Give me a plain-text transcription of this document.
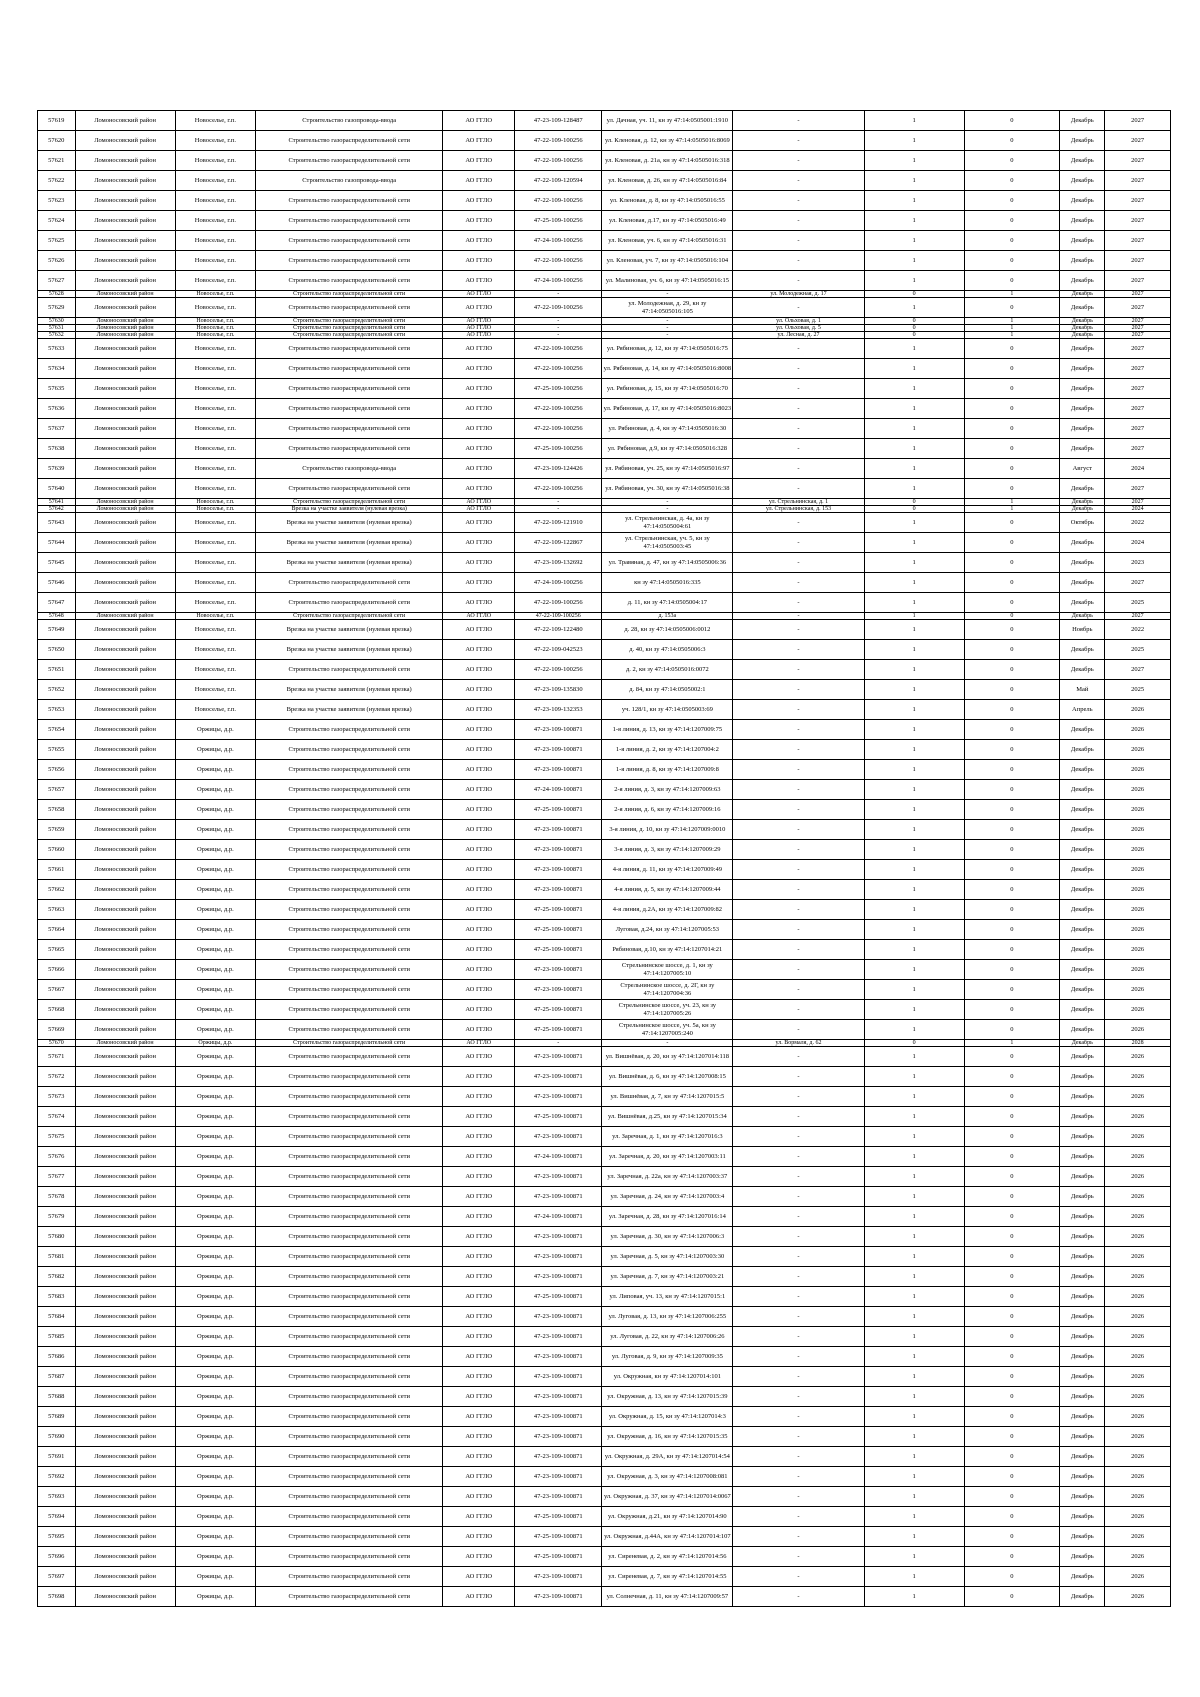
57619	Ломоносовский район	Новоселье, г.п.	Строительство газопровода-ввода	АО ГГЛО	47-23-109-128487	ул. Дачная, уч. 11, кн зу 47:14:0505001:1910	-	1	0	Декабрь	2027
57620	Ломоносовский район	Новоселье, г.п.	Строительство газораспределительной сети	АО ГГЛО	47-22-109-100256	ул. Кленовая, д. 12, кн зу 47:14:0505016:8069	-	1	0	Декабрь	2027
57621	Ломоносовский район	Новоселье, г.п.	Строительство газораспределительной сети	АО ГГЛО	47-22-109-100256	ул. Кленовая, д. 21а, кн зу 47:14:0505016:318	-	1	0	Декабрь	2027
57622	Ломоносовский район	Новоселье, г.п.	Строительство газопровода-ввода	АО ГГЛО	47-22-109-120594	ул. Кленовая, д. 26, кн зу 47:14:0505016:84	-	1	0	Декабрь	2027
57623	Ломоносовский район	Новоселье, г.п.	Строительство газораспределительной сети	АО ГГЛО	47-22-109-100256	ул. Кленовая, д. 8, кн зу 47:14:0505016:55	-	1	0	Декабрь	2027
57624	Ломоносовский район	Новоселье, г.п.	Строительство газораспределительной сети	АО ГГЛО	47-25-109-100256	ул. Кленовая, д.17, кн зу 47:14:0505016:49	-	1	0	Декабрь	2027
57625	Ломоносовский район	Новоселье, г.п.	Строительство газораспределительной сети	АО ГГЛО	47-24-109-100256	ул. Кленовая, уч. 6, кн зу 47:14:0505016:31	-	1	0	Декабрь	2027
57626	Ломоносовский район	Новоселье, г.п.	Строительство газораспределительной сети	АО ГГЛО	47-22-109-100256	ул. Кленовая, уч. 7, кн зу 47:14:0505016:104	-	1	0	Декабрь	2027
57627	Ломоносовский район	Новоселье, г.п.	Строительство газораспределительной сети	АО ГГЛО	47-24-109-100256	ул. Малиновая, уч. 6, кн зу 47:14:0505016:15	-	1	0	Декабрь	2027
57628	Ломоносовский район	Новоселье, г.п.	Строительство газораспределительной сети	АО ГГЛО	-	-	ул. Молодежная, д. 17	0	1	Декабрь	2027
57629	Ломоносовский район	Новоселье, г.п.	Строительство газораспределительной сети	АО ГГЛО	47-22-109-100256	ул. Молодежная, д. 29, кн зу 47:14:0505016:105	-	1	0	Декабрь	2027
57630	Ломоносовский район	Новоселье, г.п.	Строительство газораспределительной сети	АО ГГЛО	-	-	ул. Ольховая, д. 1	0	1	Декабрь	2027
57631	Ломоносовский район	Новоселье, г.п.	Строительство газораспределительной сети	АО ГГЛО	-	-	ул. Ольховая, д. 5	0	1	Декабрь	2027
57632	Ломоносовский район	Новоселье, г.п.	Строительство газораспределительной сети	АО ГГЛО	-	-	ул. Лесная, д. 27	0	1	Декабрь	2027
57633	Ломоносовский район	Новоселье, г.п.	Строительство газораспределительной сети	АО ГГЛО	47-22-109-100256	ул. Рябиновая, д. 12, кн зу 47:14:0505016:75	-	1	0	Декабрь	2027
57634	Ломоносовский район	Новоселье, г.п.	Строительство газораспределительной сети	АО ГГЛО	47-22-109-100256	ул. Рябиновая, д. 14, кн зу 47:14:0505016:8008	-	1	0	Декабрь	2027
57635	Ломоносовский район	Новоселье, г.п.	Строительство газораспределительной сети	АО ГГЛО	47-25-109-100256	ул. Рябиновая, д. 15, кн зу 47:14:0505016:70	-	1	0	Декабрь	2027
57636	Ломоносовский район	Новоселье, г.п.	Строительство газораспределительной сети	АО ГГЛО	47-22-109-100256	ул. Рябиновая, д. 17, кн зу 47:14:0505016:8023	-	1	0	Декабрь	2027
57637	Ломоносовский район	Новоселье, г.п.	Строительство газораспределительной сети	АО ГГЛО	47-22-109-100256	ул. Рябиновая, д. 4, кн зу 47:14:0505016:30	-	1	0	Декабрь	2027
57638	Ломоносовский район	Новоселье, г.п.	Строительство газораспределительной сети	АО ГГЛО	47-25-109-100256	ул. Рябиновая, д.9, кн зу 47:14:0505016:328	-	1	0	Декабрь	2027
57639	Ломоносовский район	Новоселье, г.п.	Строительство газопровода-ввода	АО ГГЛО	47-23-109-124426	ул. Рябиновая, уч. 25, кн зу 47:14:0505016:97	-	1	0	Август	2024
57640	Ломоносовский район	Новоселье, г.п.	Строительство газораспределительной сети	АО ГГЛО	47-22-109-100256	ул. Рябиновая, уч. 30, кн зу 47:14:0505016:38	-	1	0	Декабрь	2027
57641	Ломоносовский район	Новоселье, г.п.	Строительство газораспределительной сети	АО ГГЛО	-	-	ул. Стрельнинская, д. 1	0	1	Декабрь	2027
57642	Ломоносовский район	Новоселье, г.п.	Врезка на участке заявителя (нулевая врезка)	АО ГГЛО	-	-	ул. Стрельнинская, д. 153	0	1	Декабрь	2024
57643	Ломоносовский район	Новоселье, г.п.	Врезка на участке заявителя (нулевая врезка)	АО ГГЛО	47-22-109-121910	ул. Стрельнинская, д. 4а, кн зу 47:14:0505004:61	-	1	0	Октябрь	2022
57644	Ломоносовский район	Новоселье, г.п.	Врезка на участке заявителя (нулевая врезка)	АО ГГЛО	47-22-109-122867	ул. Стрельнинская, уч. 5, кн зу 47:14:0505003:45	-	1	0	Декабрь	2024
57645	Ломоносовский район	Новоселье, г.п.	Врезка на участке заявителя (нулевая врезка)	АО ГГЛО	47-23-109-132692	ул. Травяная, д. 47, кн зу 47:14:0505006:36	-	1	0	Декабрь	2023
57646	Ломоносовский район	Новоселье, г.п.	Строительство газораспределительной сети	АО ГГЛО	47-24-109-100256	кн зу 47:14:0505016:335	-	1	0	Декабрь	2027
57647	Ломоносовский район	Новоселье, г.п.	Строительство газораспределительной сети	АО ГГЛО	47-22-109-100256	д. 11, кн зу 47:14:0505004:17	-	1	0	Декабрь	2025
57648	Ломоносовский район	Новоселье, г.п.	Строительство газораспределительной сети	АО ГГЛО	47-22-109-100256	д. 153а	-	1	0	Декабрь	2027
57649	Ломоносовский район	Новоселье, г.п.	Врезка на участке заявителя (нулевая врезка)	АО ГГЛО	47-22-109-122480	д. 28, кн зу 47:14:0505006:0012	-	1	0	Ноябрь	2022
57650	Ломоносовский район	Новоселье, г.п.	Врезка на участке заявителя (нулевая врезка)	АО ГГЛО	47-22-109-042523	д. 40, кн зу 47:14:0505006:3	-	1	0	Декабрь	2025
57651	Ломоносовский район	Новоселье, г.п.	Строительство газораспределительной сети	АО ГГЛО	47-22-109-100256	д. 2, кн зу 47:14:0505016:0072	-	1	0	Декабрь	2027
57652	Ломоносовский район	Новоселье, г.п.	Врезка на участке заявителя (нулевая врезка)	АО ГГЛО	47-23-109-135830	д. 84, кн зу 47:14:0505002:1	-	1	0	Май	2025
57653	Ломоносовский район	Новоселье, г.п.	Врезка на участке заявителя (нулевая врезка)	АО ГГЛО	47-23-109-132353	уч. 128/1, кн зу 47:14:0505003:69	-	1	0	Апрель	2026
57654	Ломоносовский район	Оржицы, д.р.	Строительство газораспределительной сети	АО ГГЛО	47-23-109-100871	1-я линия, д. 13, кн зу 47:14:1207009:75	-	1	0	Декабрь	2026
57655	Ломоносовский район	Оржицы, д.р.	Строительство газораспределительной сети	АО ГГЛО	47-23-109-100871	1-я линия, д. 2, кн зу 47:14:1207004:2	-	1	0	Декабрь	2026
57656	Ломоносовский район	Оржицы, д.р.	Строительство газораспределительной сети	АО ГГЛО	47-23-109-100871	1-я линия, д. 8, кн зу 47:14:1207009:8	-	1	0	Декабрь	2026
57657	Ломоносовский район	Оржицы, д.р.	Строительство газораспределительной сети	АО ГГЛО	47-24-109-100871	2-я линия, д. 3, кн зу 47:14:1207009:63	-	1	0	Декабрь	2026
57658	Ломоносовский район	Оржицы, д.р.	Строительство газораспределительной сети	АО ГГЛО	47-25-109-100871	2-я линия, д. 6, кн зу 47:14:1207009:16	-	1	0	Декабрь	2026
57659	Ломоносовский район	Оржицы, д.р.	Строительство газораспределительной сети	АО ГГЛО	47-23-109-100871	3-я линия, д. 10, кн зу 47:14:1207009:0010	-	1	0	Декабрь	2026
57660	Ломоносовский район	Оржицы, д.р.	Строительство газораспределительной сети	АО ГГЛО	47-23-109-100871	3-я линия, д. 3, кн зу 47:14:1207009:29	-	1	0	Декабрь	2026
57661	Ломоносовский район	Оржицы, д.р.	Строительство газораспределительной сети	АО ГГЛО	47-23-109-100871	4-я линия, д. 11, кн зу 47:14:1207009:49	-	1	0	Декабрь	2026
57662	Ломоносовский район	Оржицы, д.р.	Строительство газораспределительной сети	АО ГГЛО	47-23-109-100871	4-я линия, д. 5, кн зу 47:14:1207009:44	-	1	0	Декабрь	2026
57663	Ломоносовский район	Оржицы, д.р.	Строительство газораспределительной сети	АО ГГЛО	47-25-109-100871	4-я линия, д.2А, кн зу 47:14:1207009:82	-	1	0	Декабрь	2026
57664	Ломоносовский район	Оржицы, д.р.	Строительство газораспределительной сети	АО ГГЛО	47-25-109-100871	Луговая, д.24, кн зу 47:14:1207005:53	-	1	0	Декабрь	2026
57665	Ломоносовский район	Оржицы, д.р.	Строительство газораспределительной сети	АО ГГЛО	47-25-109-100871	Рябиновая, д.10, кн зу 47:14:1207014:21	-	1	0	Декабрь	2026
57666	Ломоносовский район	Оржицы, д.р.	Строительство газораспределительной сети	АО ГГЛО	47-23-109-100871	Стрельнинское шоссе, д. 1, кн зу 47:14:1207005:10	-	1	0	Декабрь	2026
57667	Ломоносовский район	Оржицы, д.р.	Строительство газораспределительной сети	АО ГГЛО	47-23-109-100871	Стрельнинское шоссе, д. 2Г, кн зу 47:14:1207004:36	-	1	0	Декабрь	2026
57668	Ломоносовский район	Оржицы, д.р.	Строительство газораспределительной сети	АО ГГЛО	47-25-109-100871	Стрельнинское шоссе, уч. 23, кн зу 47:14:1207005:26	-	1	0	Декабрь	2026
57669	Ломоносовский район	Оржицы, д.р.	Строительство газораспределительной сети	АО ГГЛО	47-25-109-100871	Стрельнинское шоссе, уч. 5а, кн зу 47:14:1207005:240	-	1	0	Декабрь	2026
57670	Ломоносовский район	Оржицы, д.р.	Строительство газораспределительной сети	АО ГГЛО	-	-	ул. Вормаля, д. 62	0	1	Декабрь	2028
57671	Ломоносовский район	Оржицы, д.р.	Строительство газораспределительной сети	АО ГГЛО	47-23-109-100871	ул. Вишнёвая, д. 20, кн зу 47:14:1207014:118	-	1	0	Декабрь	2026
57672	Ломоносовский район	Оржицы, д.р.	Строительство газораспределительной сети	АО ГГЛО	47-23-109-100871	ул. Вишнёвая, д. 6, кн зу 47:14:1207008:15	-	1	0	Декабрь	2026
57673	Ломоносовский район	Оржицы, д.р.	Строительство газораспределительной сети	АО ГГЛО	47-23-109-100871	ул. Вишнёвая, д. 7, кн зу 47:14:1207015:5	-	1	0	Декабрь	2026
57674	Ломоносовский район	Оржицы, д.р.	Строительство газораспределительной сети	АО ГГЛО	47-25-109-100871	ул. Вишнёвая, д.25, кн зу 47:14:1207015:34	-	1	0	Декабрь	2026
57675	Ломоносовский район	Оржицы, д.р.	Строительство газораспределительной сети	АО ГГЛО	47-23-109-100871	ул. Заречная, д. 1, кн зу 47:14:1207016:3	-	1	0	Декабрь	2026
57676	Ломоносовский район	Оржицы, д.р.	Строительство газораспределительной сети	АО ГГЛО	47-24-109-100871	ул. Заречная, д. 20, кн зу 47:14:1207003:11	-	1	0	Декабрь	2026
57677	Ломоносовский район	Оржицы, д.р.	Строительство газораспределительной сети	АО ГГЛО	47-23-109-100871	ул. Заречная, д. 22а, кн зу 47:14:1207003:37	-	1	0	Декабрь	2026
57678	Ломоносовский район	Оржицы, д.р.	Строительство газораспределительной сети	АО ГГЛО	47-23-109-100871	ул. Заречная, д. 24, кн зу 47:14:1207003:4	-	1	0	Декабрь	2026
57679	Ломоносовский район	Оржицы, д.р.	Строительство газораспределительной сети	АО ГГЛО	47-24-109-100871	ул. Заречная, д. 28, кн зу 47:14:1207016:14	-	1	0	Декабрь	2026
57680	Ломоносовский район	Оржицы, д.р.	Строительство газораспределительной сети	АО ГГЛО	47-23-109-100871	ул. Заречная, д. 30, кн зу 47:14:1207006:3	-	1	0	Декабрь	2026
57681	Ломоносовский район	Оржицы, д.р.	Строительство газораспределительной сети	АО ГГЛО	47-23-109-100871	ул. Заречная, д. 5, кн зу 47:14:1207003:30	-	1	0	Декабрь	2026
57682	Ломоносовский район	Оржицы, д.р.	Строительство газораспределительной сети	АО ГГЛО	47-23-109-100871	ул. Заречная, д. 7, кн зу 47:14:1207003:21	-	1	0	Декабрь	2026
57683	Ломоносовский район	Оржицы, д.р.	Строительство газораспределительной сети	АО ГГЛО	47-25-109-100871	ул. Липовая, уч. 13, кн зу 47:14:1207015:1	-	1	0	Декабрь	2026
57684	Ломоносовский район	Оржицы, д.р.	Строительство газораспределительной сети	АО ГГЛО	47-23-109-100871	ул. Луговая, д. 13, кн зу 47:14:1207006:255	-	1	0	Декабрь	2026
57685	Ломоносовский район	Оржицы, д.р.	Строительство газораспределительной сети	АО ГГЛО	47-23-109-100871	ул. Луговая, д. 22, кн зу 47:14:1207006:26	-	1	0	Декабрь	2026
57686	Ломоносовский район	Оржицы, д.р.	Строительство газораспределительной сети	АО ГГЛО	47-23-109-100871	ул. Луговая, д. 9, кн зу 47:14:1207009:35	-	1	0	Декабрь	2026
57687	Ломоносовский район	Оржицы, д.р.	Строительство газораспределительной сети	АО ГГЛО	47-23-109-100871	ул. Окружная, кн зу 47:14:1207014:101	-	1	0	Декабрь	2026
57688	Ломоносовский район	Оржицы, д.р.	Строительство газораспределительной сети	АО ГГЛО	47-23-109-100871	ул. Окружная, д. 13, кн зу 47:14:1207015:39	-	1	0	Декабрь	2026
57689	Ломоносовский район	Оржицы, д.р.	Строительство газораспределительной сети	АО ГГЛО	47-23-109-100871	ул. Окружная, д. 15, кн зу 47:14:1207014:3	-	1	0	Декабрь	2026
57690	Ломоносовский район	Оржицы, д.р.	Строительство газораспределительной сети	АО ГГЛО	47-23-109-100871	ул. Окружная, д. 16, кн зу 47:14:1207015:35	-	1	0	Декабрь	2026
57691	Ломоносовский район	Оржицы, д.р.	Строительство газораспределительной сети	АО ГГЛО	47-23-109-100871	ул. Окружная, д. 29А, кн зу 47:14:1207014:54	-	1	0	Декабрь	2026
57692	Ломоносовский район	Оржицы, д.р.	Строительство газораспределительной сети	АО ГГЛО	47-23-109-100871	ул. Окружная, д. 3, кн зу 47:14:1207008:081	-	1	0	Декабрь	2026
57693	Ломоносовский район	Оржицы, д.р.	Строительство газораспределительной сети	АО ГГЛО	47-23-109-100871	ул. Окружная, д. 37, кн зу 47:14:1207014:0067	-	1	0	Декабрь	2026
57694	Ломоносовский район	Оржицы, д.р.	Строительство газораспределительной сети	АО ГГЛО	47-25-109-100871	ул. Окружная, д.21, кн зу 47:14:1207014:90	-	1	0	Декабрь	2026
57695	Ломоносовский район	Оржицы, д.р.	Строительство газораспределительной сети	АО ГГЛО	47-25-109-100871	ул. Окружная, д.44А, кн зу 47:14:1207014:107	-	1	0	Декабрь	2026
57696	Ломоносовский район	Оржицы, д.р.	Строительство газораспределительной сети	АО ГГЛО	47-25-109-100871	ул. Сиреневая, д. 2, кн зу 47:14:1207014:56	-	1	0	Декабрь	2026
57697	Ломоносовский район	Оржицы, д.р.	Строительство газораспределительной сети	АО ГГЛО	47-23-109-100871	ул. Сиреневая, д. 7, кн зу 47:14:1207014:55	-	1	0	Декабрь	2026
57698	Ломоносовский район	Оржицы, д.р.	Строительство газораспределительной сети	АО ГГЛО	47-23-109-100871	ул. Солнечная, д. 11, кн зу 47:14:1207009:57	-	1	0	Декабрь	2026
